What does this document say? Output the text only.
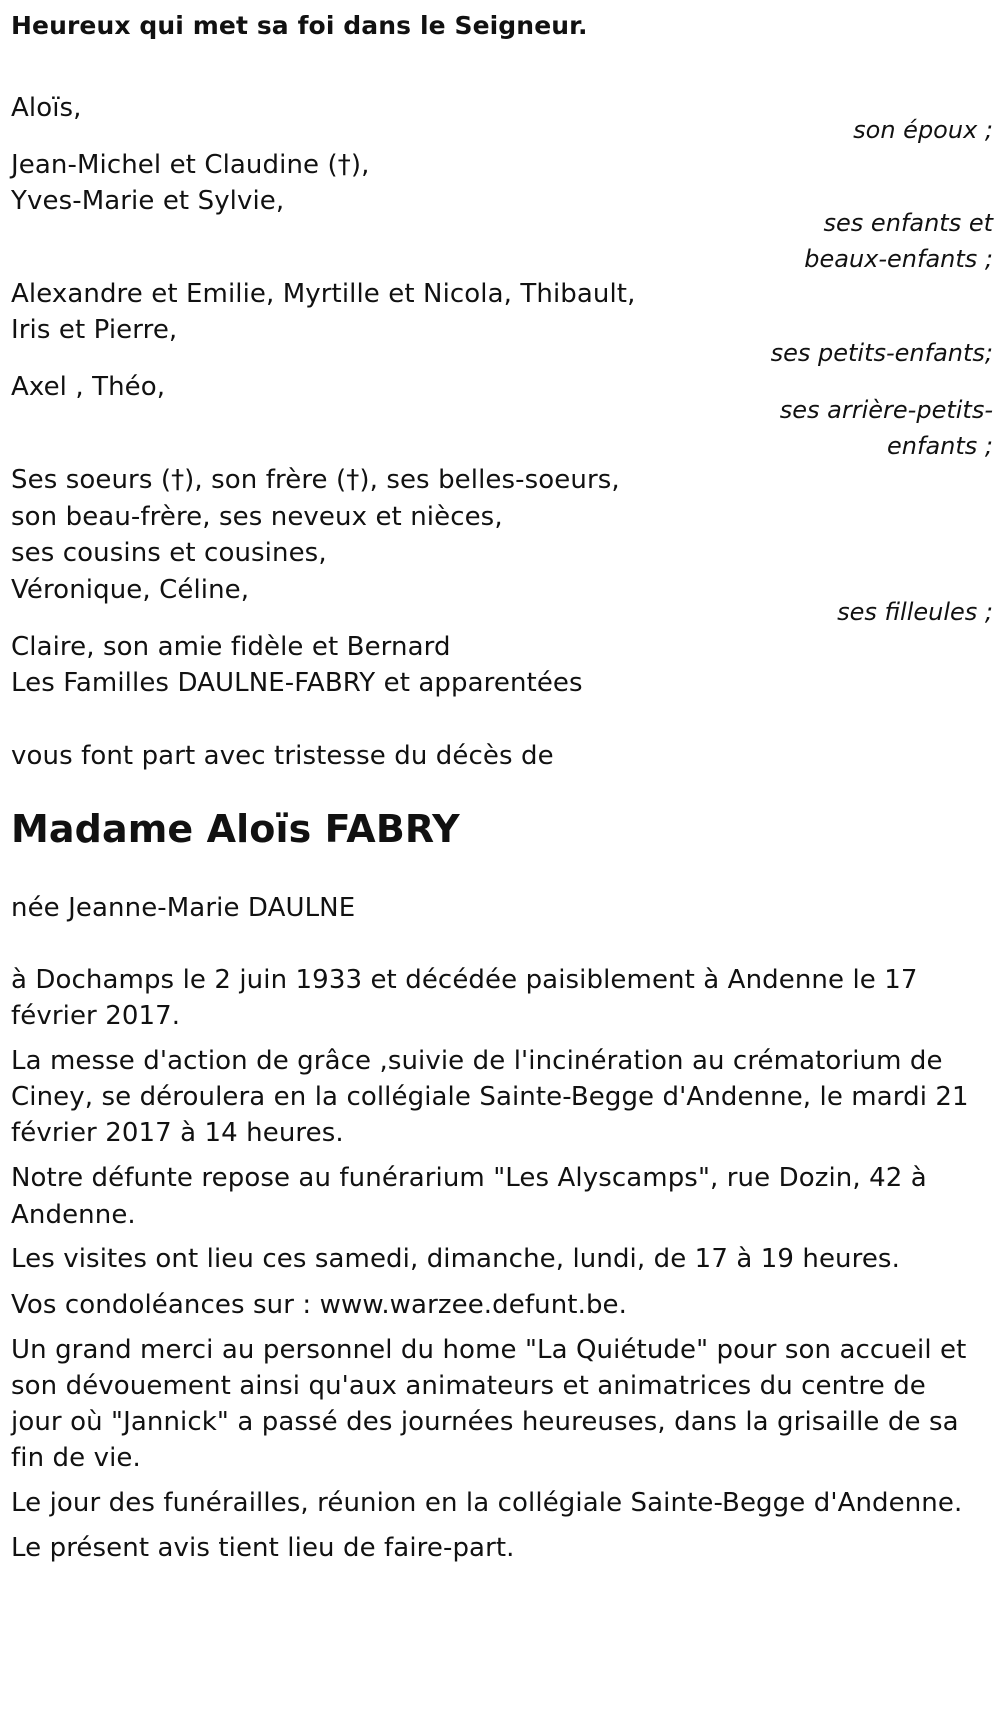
Heureux qui met sa foi dans le Seigneur.

Aloïs,

son époux ;

Jean-Michel et Claudine (†),

Yves-Marie et Sylvie,

ses enfants et

beaux-enfants ;

Alexandre et Emilie, Myrtille et Nicola, Thibault,

Iris et Pierre,

ses petits-enfants;

Axel , Théo,

ses arrière-petits-

enfants ;

Ses soeurs (†), son frère (†), ses belles-soeurs,

son beau-frère, ses neveux et nièces,

ses cousins et cousines,

Véronique, Céline,

ses filleules ;

Claire, son amie fidèle et Bernard

Les Familles DAULNE-FABRY et apparentées

vous font part avec tristesse du décès de

Madame Aloïs FABRY

née Jeanne-Marie DAULNE

à Dochamps le 2 juin 1933 et décédée paisiblement à Andenne le 17

février 2017.

La messe d'action de grâce ,suivie de l'incinération au crématorium de

Ciney, se déroulera en la collégiale Sainte-Begge d'Andenne, le mardi 21

février 2017 à 14 heures.

Notre défunte repose au funérarium "Les Alyscamps", rue Dozin, 42 à

Andenne.

Les visites ont lieu ces samedi, dimanche, lundi, de 17 à 19 heures.

Vos condoléances sur : www.warzee.defunt.be.

Un grand merci au personnel du home "La Quiétude" pour son accueil et

son dévouement ainsi qu'aux animateurs et animatrices du centre de

jour où "Jannick" a passé des journées heureuses, dans la grisaille de sa

fin de vie.

Le jour des funérailles, réunion en la collégiale Sainte-Begge d'Andenne.

Le présent avis tient lieu de faire-part.
